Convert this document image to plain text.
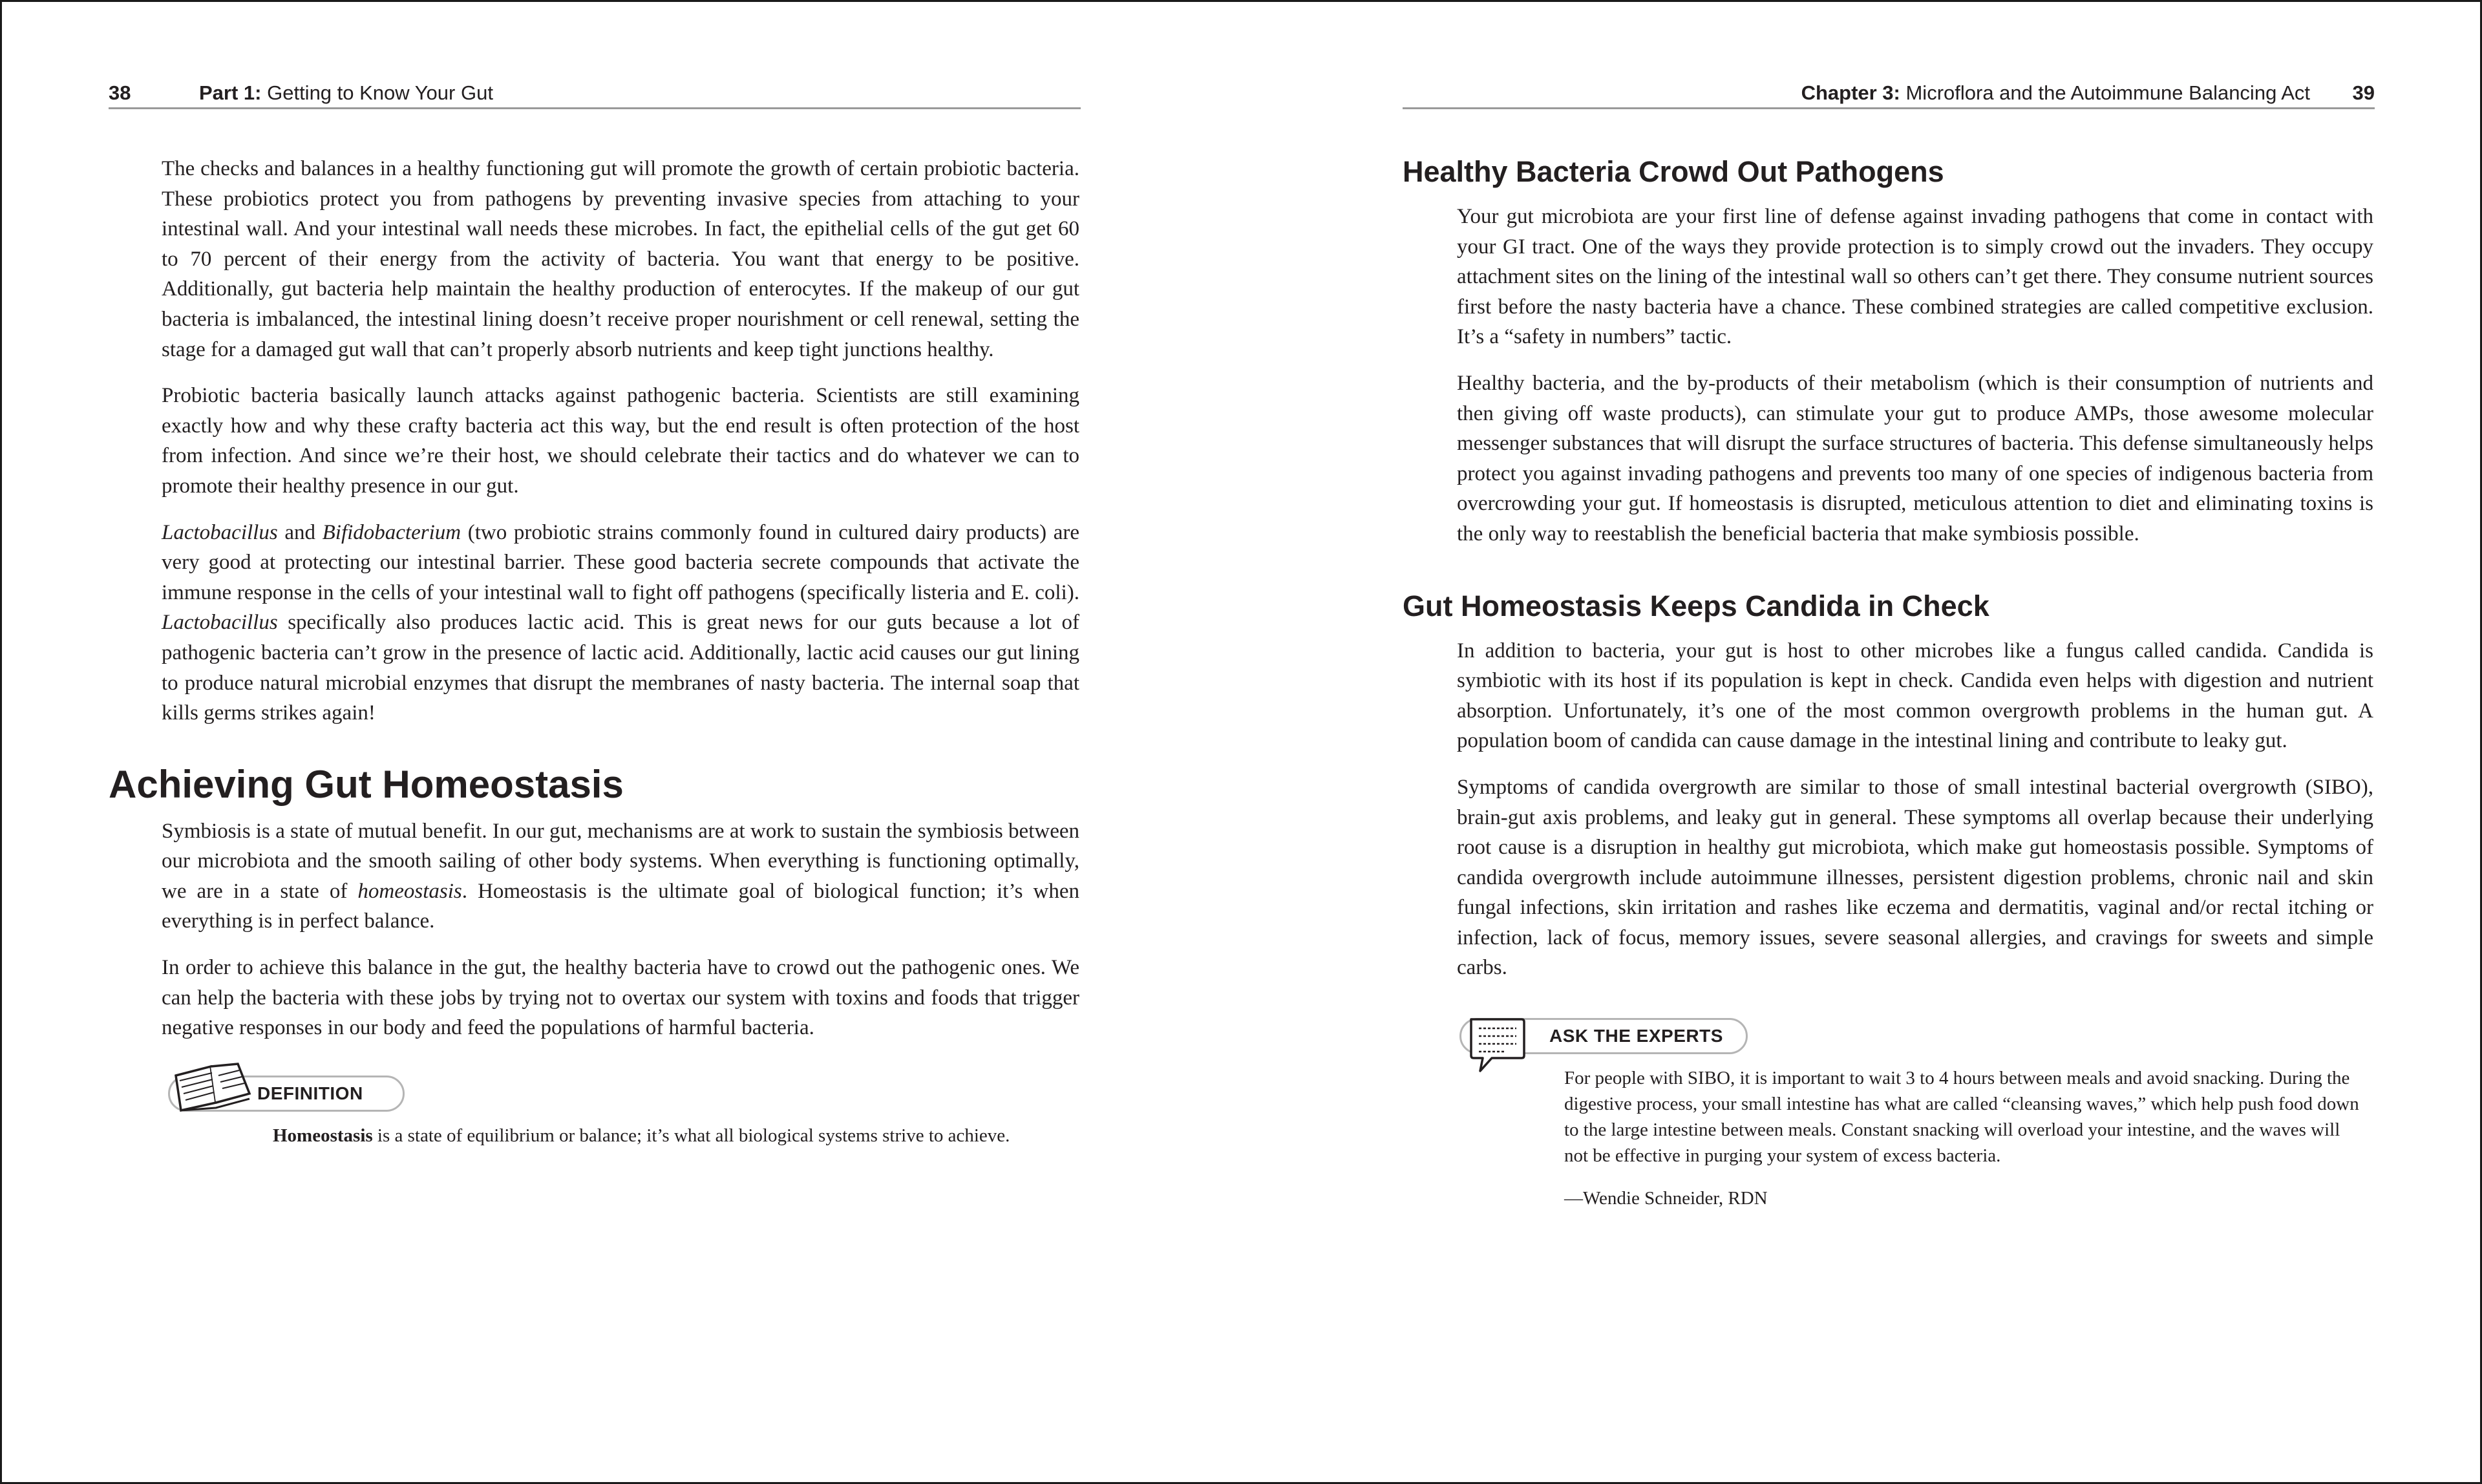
38	Part 1: Getting to Know Your Gut

The checks and balances in a healthy functioning gut will promote the growth of certain probiotic bacteria. These probiotics protect you from pathogens by preventing invasive species from attaching to your intestinal wall. And your intestinal wall needs these microbes. In fact, the epithelial cells of the gut get 60 to 70 percent of their energy from the activity of bacteria. You want that energy to be positive. Additionally, gut bacteria help maintain the healthy production of enterocytes. If the makeup of our gut bacteria is imbalanced, the intestinal lining doesn’t receive proper nourishment or cell renewal, setting the stage for a damaged gut wall that can’t properly absorb nutrients and keep tight junctions healthy.

Probiotic bacteria basically launch attacks against pathogenic bacteria. Scientists are still examining exactly how and why these crafty bacteria act this way, but the end result is often protection of the host from infection. And since we’re their host, we should celebrate their tactics and do whatever we can to promote their healthy presence in our gut.

Lactobacillus and Bifidobacterium (two probiotic strains commonly found in cultured dairy products) are very good at protecting our intestinal barrier. These good bacteria secrete compounds that activate the immune response in the cells of your intestinal wall to fight off pathogens (specifically listeria and E. coli). Lactobacillus specifically also produces lactic acid. This is great news for our guts because a lot of pathogenic bacteria can’t grow in the presence of lactic acid. Additionally, lactic acid causes our gut lining to produce natural microbial enzymes that disrupt the membranes of nasty bacteria. The internal soap that kills germs strikes again!

Achieving Gut Homeostasis

Symbiosis is a state of mutual benefit. In our gut, mechanisms are at work to sustain the symbiosis between our microbiota and the smooth sailing of other body systems. When everything is functioning optimally, we are in a state of homeostasis. Homeostasis is the ultimate goal of biological function; it’s when everything is in perfect balance.

In order to achieve this balance in the gut, the healthy bacteria have to crowd out the pathogenic ones. We can help the bacteria with these jobs by trying not to overtax our system with toxins and foods that trigger negative responses in our body and feed the populations of harmful bacteria.

DEFINITION
Homeostasis is a state of equilibrium or balance; it’s what all biological systems strive to achieve.
Chapter 3: Microflora and the Autoimmune Balancing Act 39
Healthy Bacteria Crowd Out Pathogens

Your gut microbiota are your first line of defense against invading pathogens that come in contact with your GI tract. One of the ways they provide protection is to simply crowd out the invaders. They occupy attachment sites on the lining of the intestinal wall so others can’t get there. They consume nutrient sources first before the nasty bacteria have a chance. These combined strategies are called competitive exclusion. It’s a “safety in numbers” tactic.

Healthy bacteria, and the by-products of their metabolism (which is their consumption of nutrients and then giving off waste products), can stimulate your gut to produce AMPs, those awesome molecular messenger substances that will disrupt the surface structures of bacteria. This defense simultaneously helps protect you against invading pathogens and prevents too many of one species of indigenous bacteria from overcrowding your gut. If homeostasis is disrupted, meticulous attention to diet and eliminating toxins is the only way to reestablish the beneficial bacteria that make symbiosis possible.

Gut Homeostasis Keeps Candida in Check

In addition to bacteria, your gut is host to other microbes like a fungus called candida. Candida is symbiotic with its host if its population is kept in check. Candida even helps with digestion and nutrient absorption. Unfortunately, it’s one of the most common overgrowth problems in the human gut. A population boom of candida can cause damage in the intestinal lining and contribute to leaky gut.

Symptoms of candida overgrowth are similar to those of small intestinal bacterial overgrowth (SIBO), brain-gut axis problems, and leaky gut in general. These symptoms all overlap because their underlying root cause is a disruption in healthy gut microbiota, which make gut homeostasis possible. Symptoms of candida overgrowth include autoimmune illnesses, persistent digestion problems, chronic nail and skin fungal infections, skin irritation and rashes like eczema and dermatitis, vaginal and/or rectal itching or infection, lack of focus, memory issues, severe seasonal allergies, and cravings for sweets and simple carbs.

ASK THE EXPERTS
For people with SIBO, it is important to wait 3 to 4 hours between meals and avoid snacking. During the digestive process, your small intestine has what are called “cleansing waves,” which help push food down to the large intestine between meals. Constant snacking will overload your intestine, and the waves will not be effective in purging your system of excess bacteria.
—Wendie Schneider, RDN
